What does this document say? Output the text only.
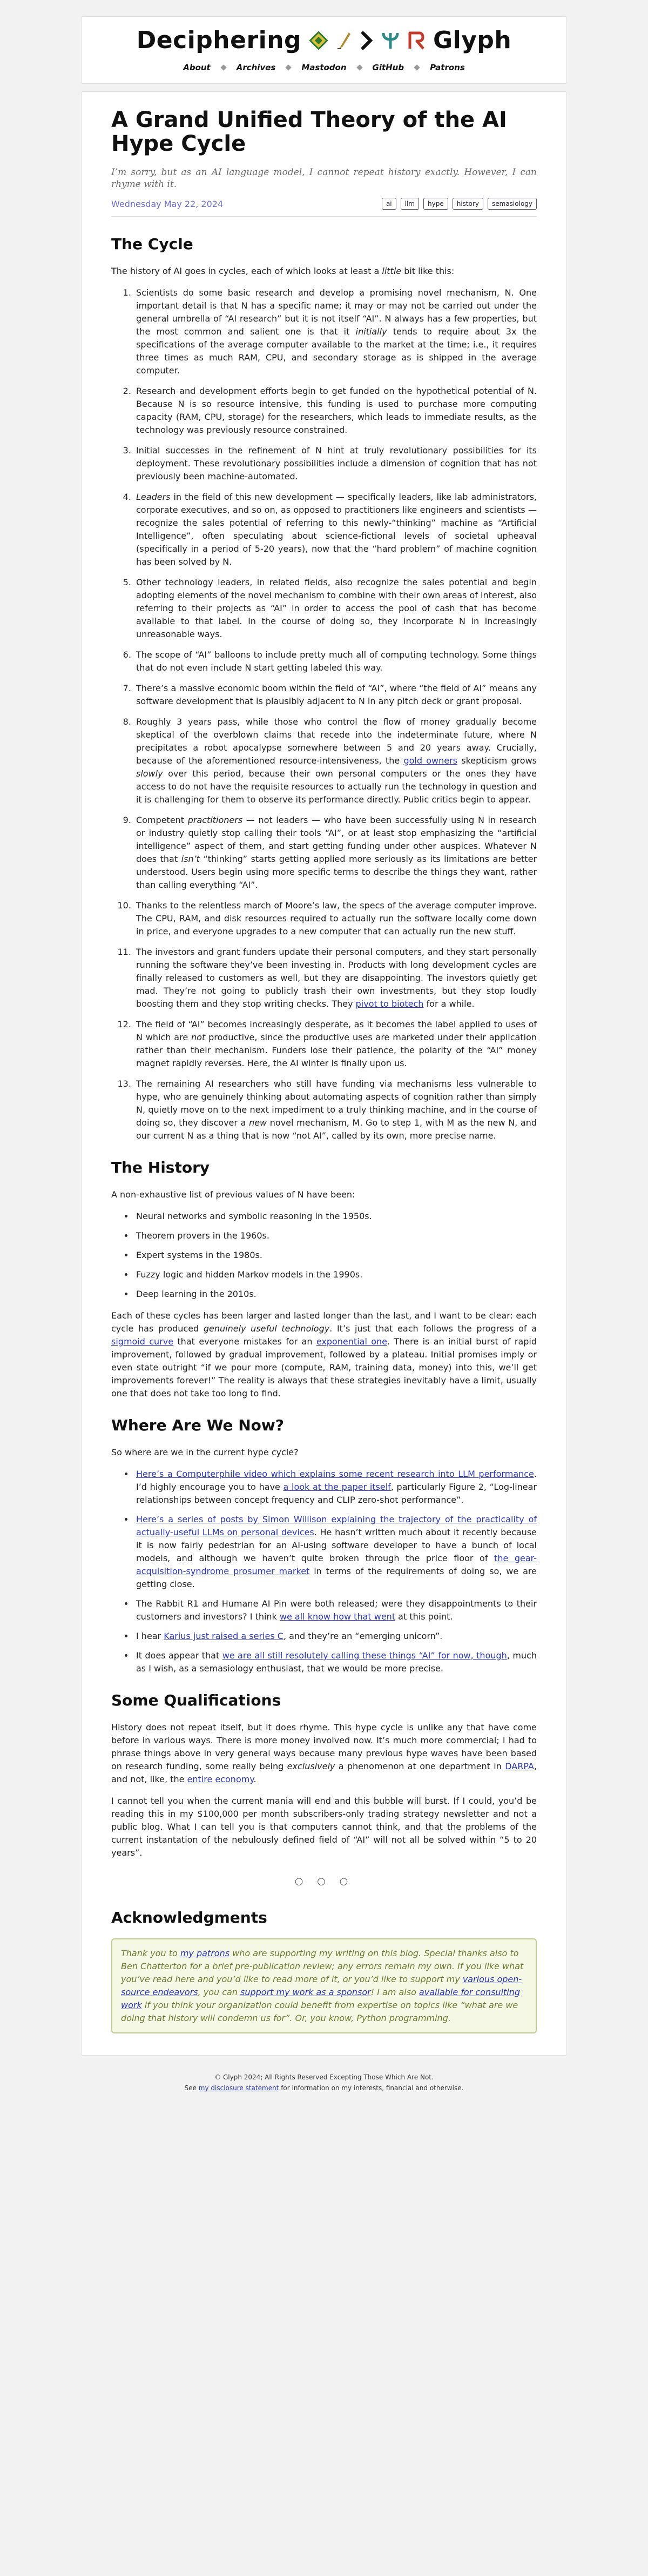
Deciphering	Glyph
About	Archives	Mastodon	GitHub	Patrons
A Grand Unified Theory of the AI Hype Cycle

I’m sorry, but as an AI language model, I cannot repeat history exactly. However, I can rhyme with it.

Wednesday May 22, 2024	ai	llm	hype	history	semasiology
The Cycle

The history of AI goes in cycles, each of which looks at least a little bit like this:

1. Scientists do some basic research and develop a promising novel mechanism, N. One important detail is that N has a specific name; it may or may not be carried out under the general umbrella of “AI research” but it is not itself “AI”. N always has a few properties, but the most common and salient one is that it initially tends to require about 3x the specifications of the average computer available to the market at the time; i.e., it requires three times as much RAM, CPU, and secondary storage as is shipped in the average computer.
2. Research and development efforts begin to get funded on the hypothetical potential of N. Because N is so resource intensive, this funding is used to purchase more computing capacity (RAM, CPU, storage) for the researchers, which leads to immediate results, as the technology was previously resource constrained.
3. Initial successes in the refinement of N hint at truly revolutionary possibilities for its deployment. These revolutionary possibilities include a dimension of cognition that has not previously been machine-automated.
4. Leaders in the field of this new development — specifically leaders, like lab administrators, corporate executives, and so on, as opposed to practitioners like engineers and scientists — recognize the sales potential of referring to this newly-“thinking” machine as “Artificial Intelligence”, often speculating about science-fictional levels of societal upheaval (specifically in a period of 5-20 years), now that the “hard problem” of machine cognition has been solved by N.
5. Other technology leaders, in related fields, also recognize the sales potential and begin adopting elements of the novel mechanism to combine with their own areas of interest, also referring to their projects as “AI” in order to access the pool of cash that has become available to that label. In the course of doing so, they incorporate N in increasingly unreasonable ways.
6. The scope of “AI” balloons to include pretty much all of computing technology. Some things that do not even include N start getting labeled this way.
7. There’s a massive economic boom within the field of “AI”, where “the field of AI” means any software development that is plausibly adjacent to N in any pitch deck or grant proposal.
8. Roughly 3 years pass, while those who control the flow of money gradually become skeptical of the overblown claims that recede into the indeterminate future, where N precipitates a robot apocalypse somewhere between 5 and 20 years away. Crucially, because of the aforementioned resource-intensiveness, the gold owners skepticism grows slowly over this period, because their own personal computers or the ones they have access to do not have the requisite resources to actually run the technology in question and it is challenging for them to observe its performance directly. Public critics begin to appear.
9. Competent practitioners — not leaders — who have been successfully using N in research or industry quietly stop calling their tools “AI”, or at least stop emphasizing the “artificial intelligence” aspect of them, and start getting funding under other auspices. Whatever N does that isn’t “thinking” starts getting applied more seriously as its limitations are better understood. Users begin using more specific terms to describe the things they want, rather than calling everything “AI”.
10. Thanks to the relentless march of Moore’s law, the specs of the average computer improve. The CPU, RAM, and disk resources required to actually run the software locally come down in price, and everyone upgrades to a new computer that can actually run the new stuff.
11. The investors and grant funders update their personal computers, and they start personally running the software they’ve been investing in. Products with long development cycles are finally released to customers as well, but they are disappointing. The investors quietly get mad. They’re not going to publicly trash their own investments, but they stop loudly boosting them and they stop writing checks. They pivot to biotech for a while.
12. The field of “AI” becomes increasingly desperate, as it becomes the label applied to uses of N which are not productive, since the productive uses are marketed under their application rather than their mechanism. Funders lose their patience, the polarity of the “AI” money magnet rapidly reverses. Here, the AI winter is finally upon us.
13. The remaining AI researchers who still have funding via mechanisms less vulnerable to hype, who are genuinely thinking about automating aspects of cognition rather than simply N, quietly move on to the next impediment to a truly thinking machine, and in the course of doing so, they discover a new novel mechanism, M. Go to step 1, with M as the new N, and our current N as a thing that is now “not AI”, called by its own, more precise name.
The History

A non-exhaustive list of previous values of N have been:

• Neural networks and symbolic reasoning in the 1950s.
• Theorem provers in the 1960s.
• Expert systems in the 1980s.
• Fuzzy logic and hidden Markov models in the 1990s.
• Deep learning in the 2010s.

Each of these cycles has been larger and lasted longer than the last, and I want to be clear: each cycle has produced genuinely useful technology. It’s just that each follows the progress of a sigmoid curve that everyone mistakes for an exponential one. There is an initial burst of rapid improvement, followed by gradual improvement, followed by a plateau. Initial promises imply or even state outright “if we pour more (compute, RAM, training data, money) into this, we’ll get improvements forever!” The reality is always that these strategies inevitably have a limit, usually one that does not take too long to find.

Where Are We Now?

So where are we in the current hype cycle?

• Here’s a Computerphile video which explains some recent research into LLM performance. I’d highly encourage you to have a look at the paper itself, particularly Figure 2, “Log-linear relationships between concept frequency and CLIP zero-shot performance”.
• Here’s a series of posts by Simon Willison explaining the trajectory of the practicality of actually-useful LLMs on personal devices. He hasn’t written much about it recently because it is now fairly pedestrian for an AI-using software developer to have a bunch of local models, and although we haven’t quite broken through the price floor of the gear-acquisition-syndrome prosumer market in terms of the requirements of doing so, we are getting close.
• The Rabbit R1 and Humane AI Pin were both released; were they disappointments to their customers and investors? I think we all know how that went at this point.
• I hear Karius just raised a series C, and they’re an “emerging unicorn”.
• It does appear that we are all still resolutely calling these things “AI” for now, though, much as I wish, as a semasiology enthusiast, that we would be more precise.
Some Qualifications

History does not repeat itself, but it does rhyme. This hype cycle is unlike any that have come before in various ways. There is more money involved now. It’s much more commercial; I had to phrase things above in very general ways because many previous hype waves have been based on research funding, some really being exclusively a phenomenon at one department in DARPA, and not, like, the entire economy.

I cannot tell you when the current mania will end and this bubble will burst. If I could, you’d be reading this in my $100,000 per month subscribers-only trading strategy newsletter and not a public blog. What I can tell you is that computers cannot think, and that the problems of the current instantation of the nebulously defined field of “AI” will not all be solved within “5 to 20 years”.

○ ○ ○
Acknowledgments
Thank you to my patrons who are supporting my writing on this blog. Special thanks also to Ben Chatterton for a brief pre-publication review; any errors remain my own. If you like what you’ve read here and you’d like to read more of it, or you’d like to support my various open-source endeavors, you can support my work as a sponsor! I am also available for consulting work if you think your organization could benefit from expertise on topics like “what are we doing that history will condemn us for”. Or, you know, Python programming.
© Glyph 2024; All Rights Reserved Excepting Those Which Are Not.
See my disclosure statement for information on my interests, financial and otherwise.
